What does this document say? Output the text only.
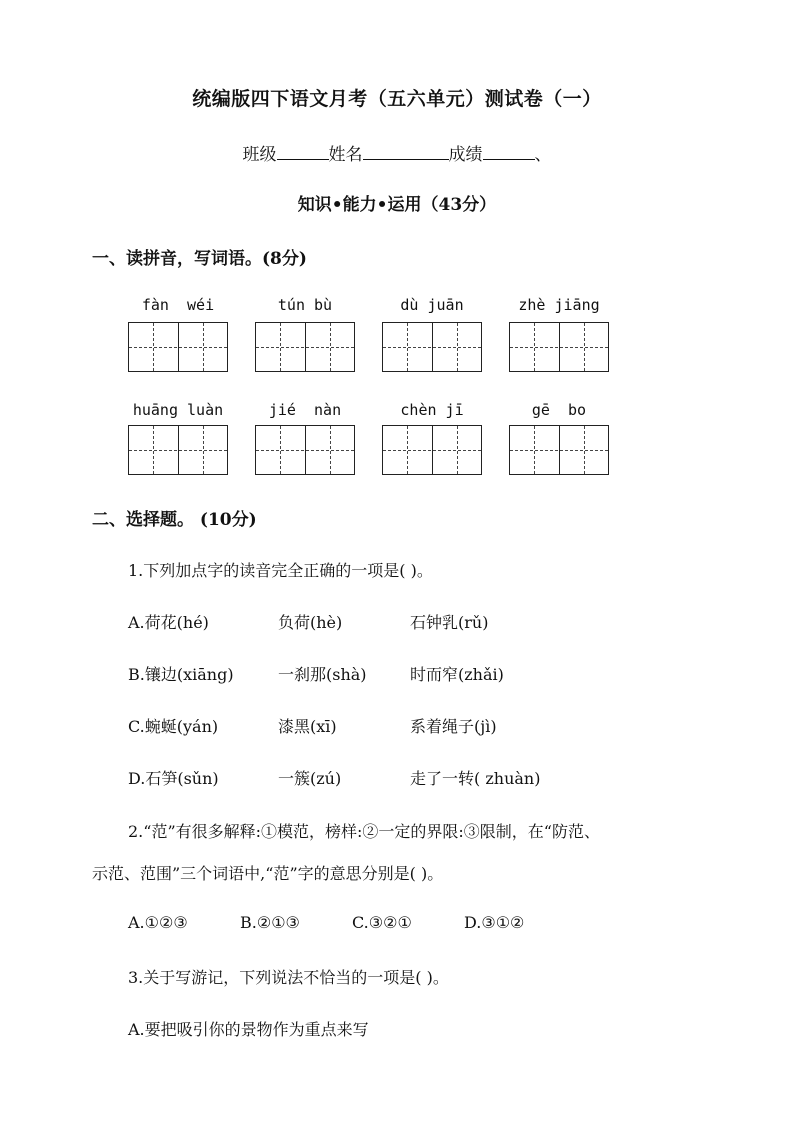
统编版四下语文月考（五六单元）测试卷（一）
班级	姓名	成绩	、
知识•能力•运用（43分）
一、读拼音，写词语。(8分)
fàn  wéi	tún bù	dù juān	zhè jiāng
huāng luàn	jié  nàn	chèn jī	gē  bo
二、选择题。 (10分)
1.下列加点字的读音完全正确的一项是( )。
A.荷花(hé)	负荷(hè)	石钟乳(rǔ)
B.镶边(xiāng)	一刹那(shà)	时而窄(zhǎi)
C.蜿蜒(yán)	漆黑(xī)	系着绳子(jì)
D.石笋(sǔn)	一簇(zú)	走了一转( zhuàn)
2.“范”有很多解释:①模范，榜样:②一定的界限:③限制，在“防范、
示范、范围”三个词语中,“范”字的意思分别是( )。
A.①②③	B.②①③	C.③②①	D.③①②
3.关于写游记，下列说法不恰当的一项是( )。
A.要把吸引你的景物作为重点来写
